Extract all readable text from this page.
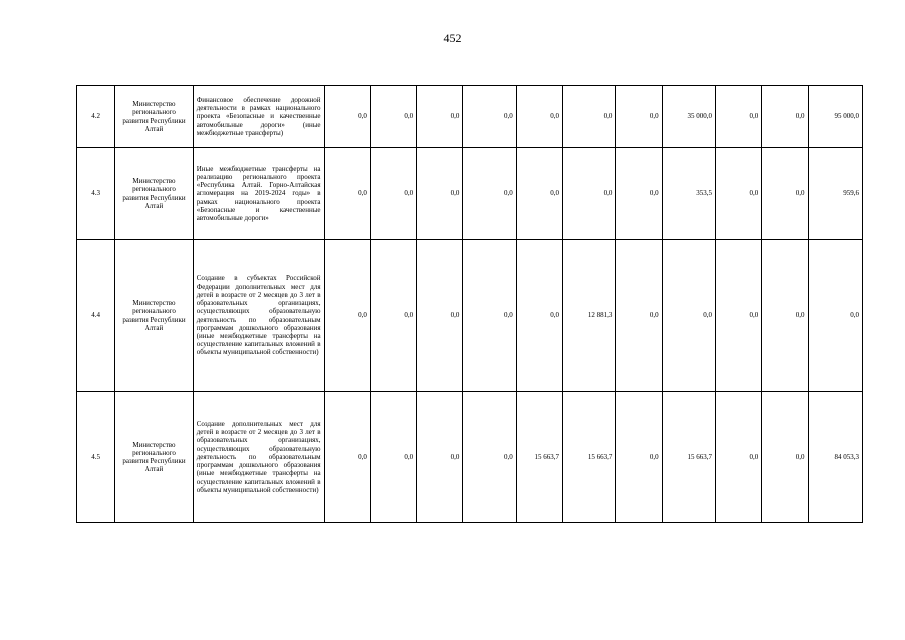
452
4.2	Министерство регионального развития Республики Алтай	Финансовое обеспечение дорожной деятельности в рамках национального проекта «Безопасные и качественные автомобильные дороги» (иные межбюджетные трансферты)	0,0	0,0	0,0	0,0	0,0	0,0	0,0	35 000,0	0,0	0,0	95 000,0
4.3	Министерство регионального развития Республики Алтай	Иные межбюджетные трансферты на реализацию регионального проекта «Республика Алтай. Горно-Алтайская агломерация на 2019-2024 годы» в рамках национального проекта «Безопасные и качественные автомобильные дороги»	0,0	0,0	0,0	0,0	0,0	0,0	0,0	353,5	0,0	0,0	959,6
4.4	Министерство регионального развития Республики Алтай	Создание в субъектах Российской Федерации дополнительных мест для детей в возрасте от 2 месяцев до 3 лет в образовательных организациях, осуществляющих образовательную деятельность по образовательным программам дошкольного образования (иные межбюджетные трансферты на осуществление капитальных вложений в объекты муниципальной собственности)	0,0	0,0	0,0	0,0	0,0	12 881,3	0,0	0,0	0,0	0,0	0,0
4.5	Министерство регионального развития Республики Алтай	Создание дополнительных мест для детей в возрасте от 2 месяцев до 3 лет в образовательных организациях, осуществляющих образовательную деятельность по образовательным программам дошкольного образования (иные межбюджетные трансферты на осуществление капитальных вложений в объекты муниципальной собственности)	0,0	0,0	0,0	0,0	15 663,7	15 663,7	0,0	15 663,7	0,0	0,0	84 053,3
